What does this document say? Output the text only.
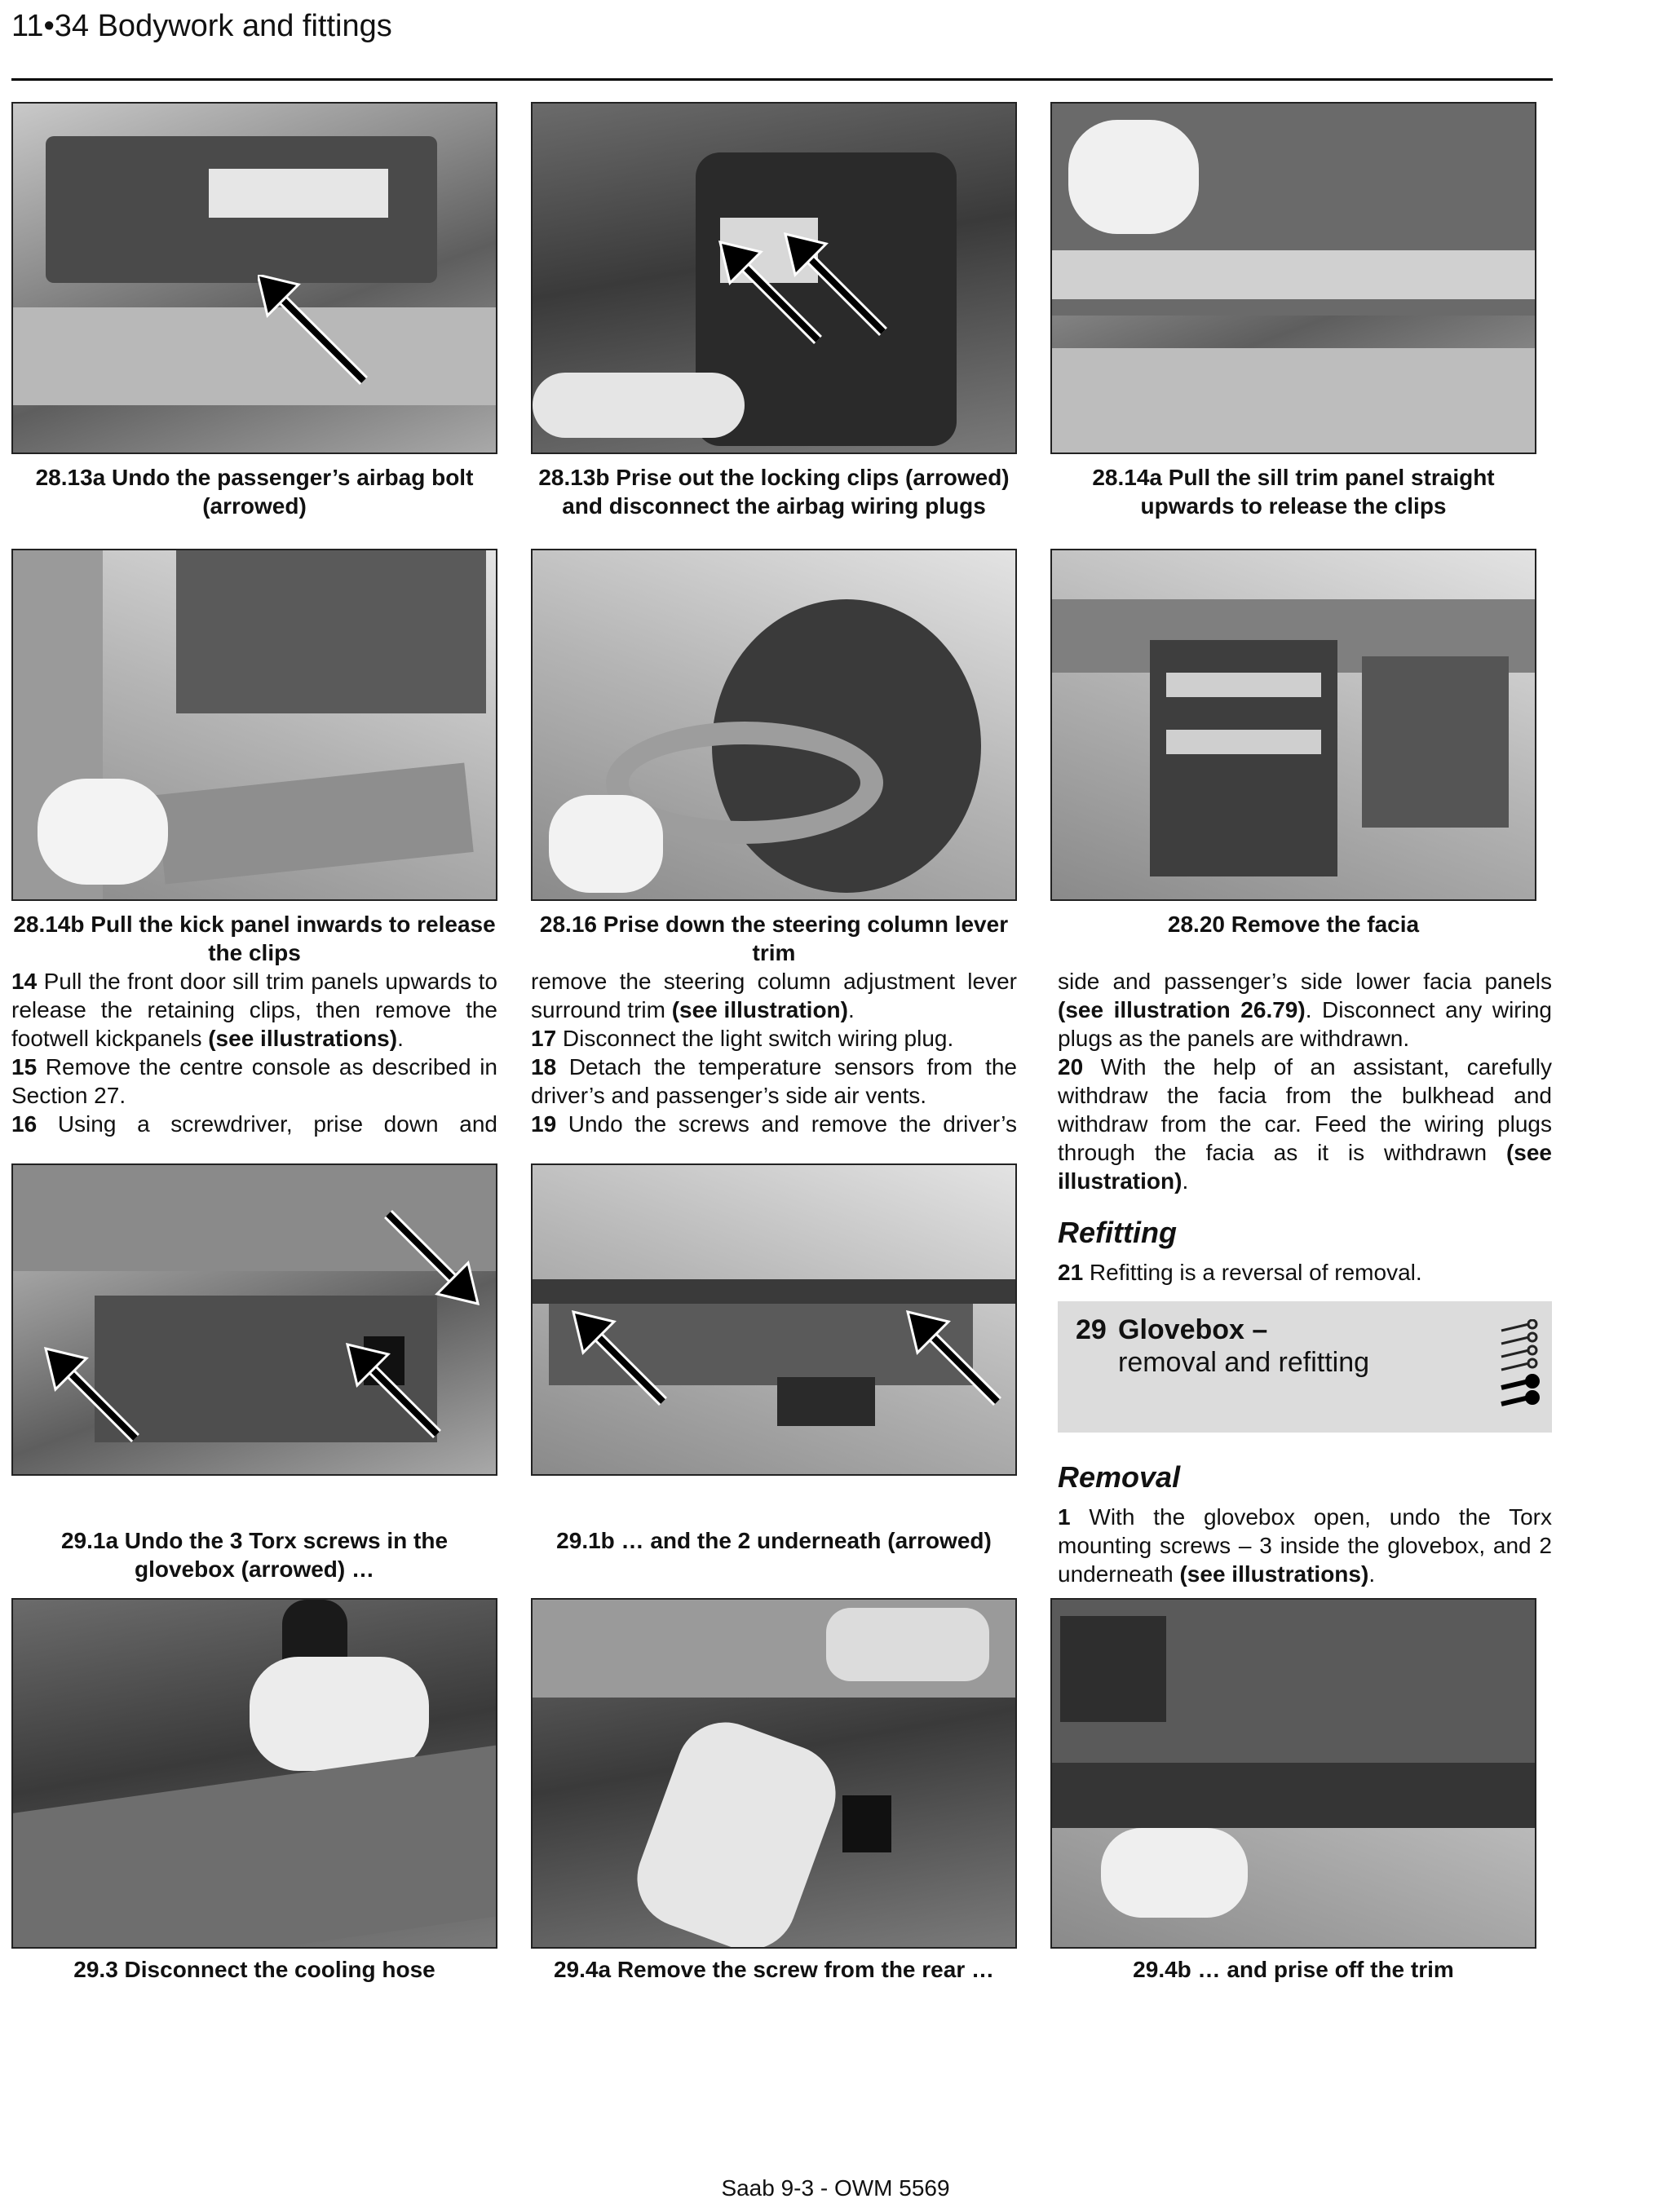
11•34 Bodywork and fittings
28.13a Undo the passenger’s airbag bolt (arrowed)
28.13b Prise out the locking clips (arrowed) and disconnect the airbag wiring plugs
28.14a Pull the sill trim panel straight upwards to release the clips
28.14b Pull the kick panel inwards to release the clips
28.16 Prise down the steering column lever trim
28.20 Remove the facia

14 Pull the front door sill trim panels upwards to release the retaining clips, then remove the footwell kickpanels (see illustrations).

15 Remove the centre console as described in Section 27.

16 Using a screwdriver, prise down and

remove the steering column adjustment lever surround trim (see illustration).

17 Disconnect the light switch wiring plug.

18 Detach the temperature sensors from the driver’s and passenger’s side air vents.

19 Undo the screws and remove the driver’s

side and passenger’s side lower facia panels (see illustration 26.79). Disconnect any wiring plugs as the panels are withdrawn.

20 With the help of an assistant, carefully withdraw the facia from the bulkhead and withdraw from the car. Feed the wiring plugs through the facia as it is withdrawn (see illustration).

Refitting
21 Refitting is a reversal of removal.
29 Glovebox –
removal and refitting
Removal
1 With the glovebox open, undo the Torx mounting screws – 3 inside the glovebox, and 2 underneath (see illustrations).
29.1a Undo the 3 Torx screws in the glovebox (arrowed) …
29.1b … and the 2 underneath (arrowed)
29.3 Disconnect the cooling hose	29.4a Remove the screw from the rear …	29.4b … and prise off the trim
Saab 9-3 - OWM 5569
